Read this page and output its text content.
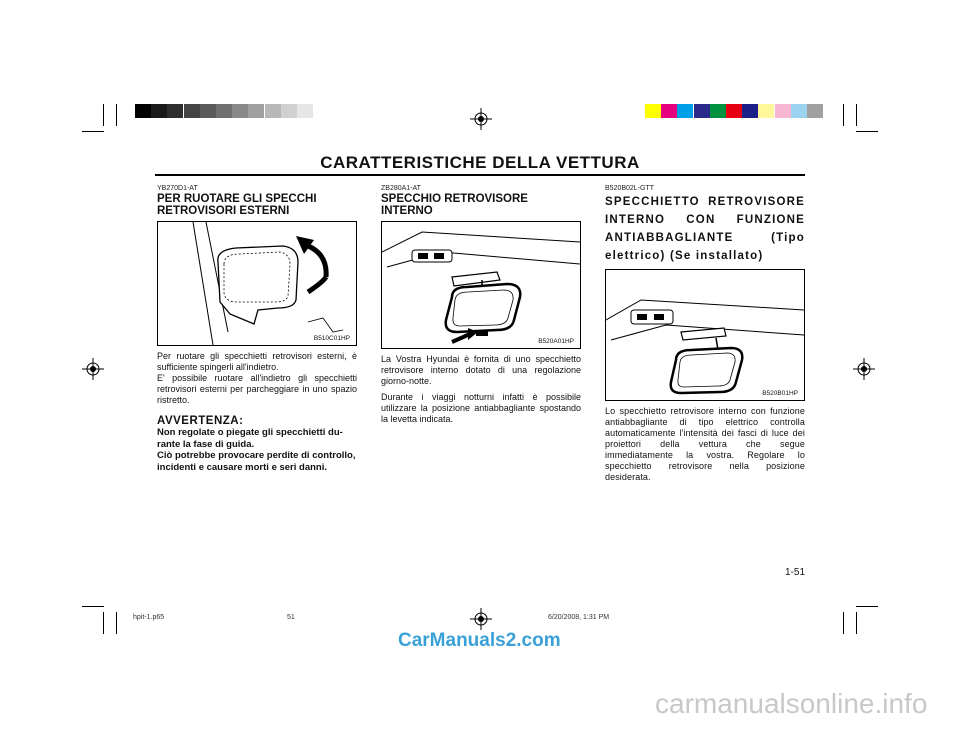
CARATTERISTICHE DELLA VETTURA
YB270D1-AT
PER RUOTARE GLI SPECCHI RETROVISORI ESTERNI
B510C01HP

Per ruotare gli specchietti retrovisori esterni, è sufficiente spingerli all'indietro.

E' possibile ruotare all'indietro gli specchietti retrovisori esterni per parcheggiare in uno spazio ristretto.

AVVERTENZA:

Non regolate o piegate gli specchietti du-rante la fase di guida.

Ciò potrebbe provocare perdite di controllo, incidenti e causare morti e seri danni.

ZB280A1-AT
SPECCHIO RETROVISORE INTERNO
B520A01HP

La Vostra Hyundai è fornita di uno specchietto retrovisore interno dotato di una regolazione giorno-notte.

Durante i viaggi notturni infatti è possibile utilizzare la posizione antiabbagliante spostando la levetta indicata.

B520B02L-GTT
SPECCHIETTO RETROVISORE INTERNO CON FUNZIONE ANTIABBAGLIANTE (Tipo elettrico) (Se installato)
B520B01HP

Lo specchietto retrovisore interno con funzione antiabbagliante di tipo elettrico controlla automaticamente l'intensità dei fasci di luce dei proiettori della vettura che segue immediatamente la vostra. Regolare lo specchietto retrovisore nella posizione desiderata.

1-51
hpit-1.p65	51	6/20/2008, 1:31 PM
CarManuals2.com
carmanualsonline.info
